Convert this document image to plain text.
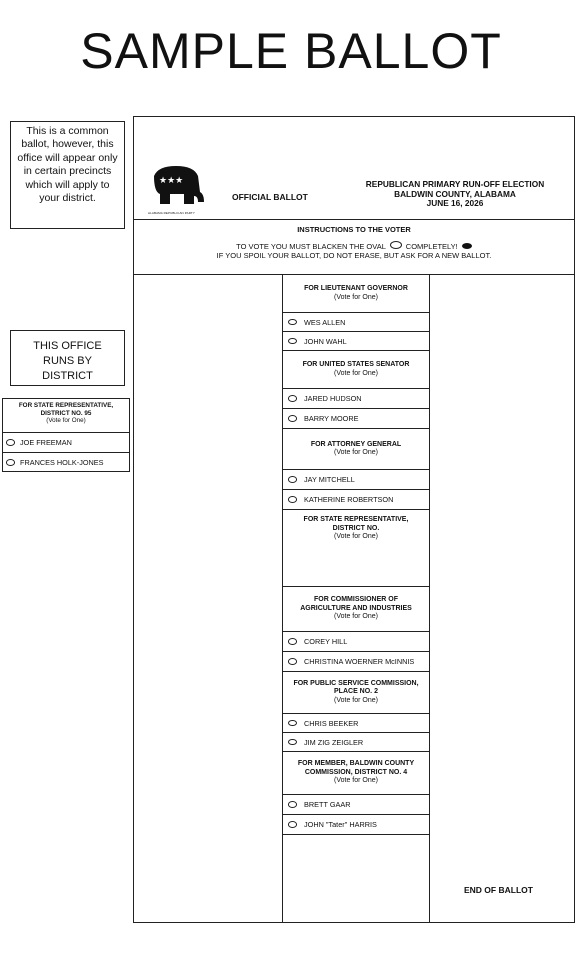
SAMPLE BALLOT
This is a common ballot, however, this office will appear only in certain precincts which will apply to your district.
THIS OFFICE RUNS BY DISTRICT
FOR STATE REPRESENTATIVE, DISTRICT NO. 95
(Vote for One)
JOE FREEMAN
FRANCES HOLK-JONES
★★★
ALABAMA REPUBLICAN PARTY
OFFICIAL BALLOT
REPUBLICAN PRIMARY RUN-OFF ELECTION
BALDWIN COUNTY, ALABAMA
JUNE 16, 2026
INSTRUCTIONS TO THE VOTER
TO VOTE YOU MUST BLACKEN THE OVAL	COMPLETELY!
IF YOU SPOIL YOUR BALLOT, DO NOT ERASE, BUT ASK FOR A NEW BALLOT.
FOR LIEUTENANT GOVERNOR
(Vote for One)
WES ALLEN
JOHN WAHL
FOR UNITED STATES SENATOR
(Vote for One)
JARED HUDSON
BARRY MOORE
FOR ATTORNEY GENERAL
(Vote for One)
JAY MITCHELL
KATHERINE ROBERTSON
FOR STATE REPRESENTATIVE, DISTRICT NO.
(Vote for One)
FOR COMMISSIONER OF AGRICULTURE AND INDUSTRIES
(Vote for One)
COREY HILL
CHRISTINA WOERNER McINNIS
FOR PUBLIC SERVICE COMMISSION, PLACE NO. 2
(Vote for One)
CHRIS BEEKER
JIM ZIG ZEIGLER
FOR MEMBER, BALDWIN COUNTY COMMISSION, DISTRICT NO. 4
(Vote for One)
BRETT GAAR
JOHN "Tater" HARRIS
END OF BALLOT
